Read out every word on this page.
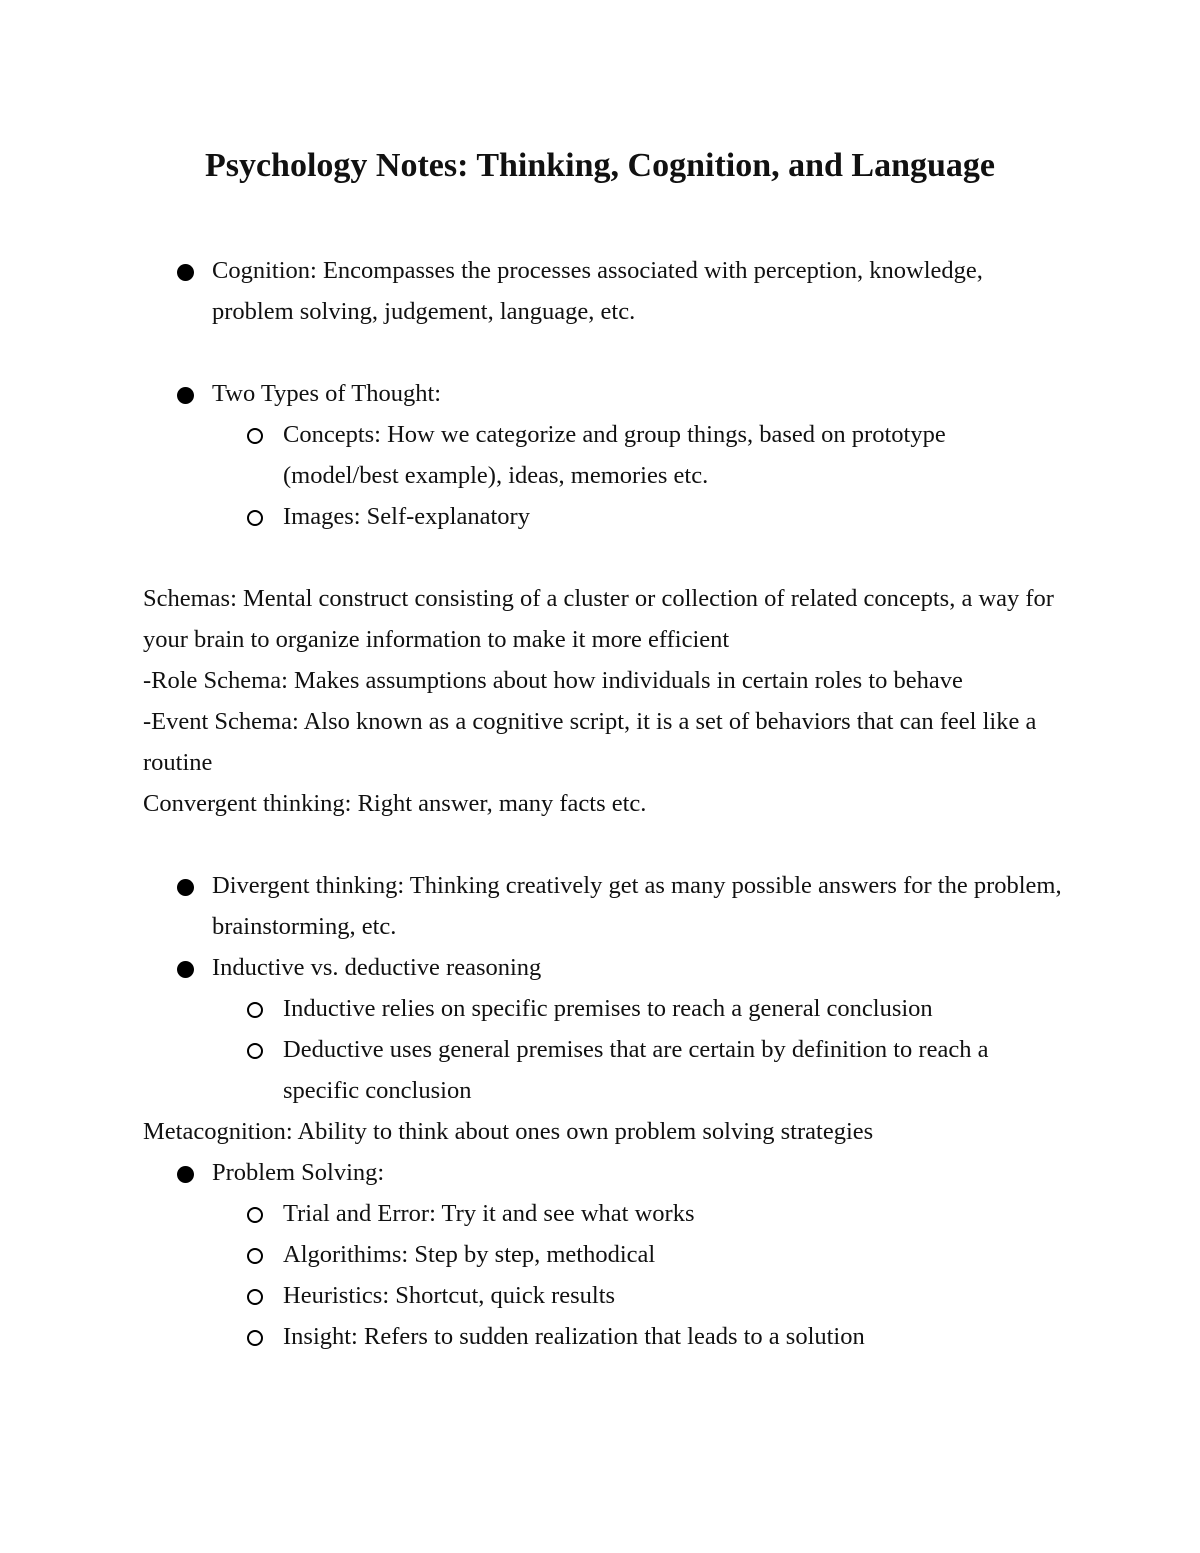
Psychology Notes: Thinking, Cognition, and Language
Cognition: Encompasses the processes associated with perception, knowledge, problem solving, judgement, language, etc.
Two Types of Thought:
Concepts: How we categorize and group things, based on prototype (model/best example), ideas, memories etc.
Images: Self-explanatory

Schemas: Mental construct consisting of a cluster or collection of related concepts, a way for your brain to organize information to make it more efficient

-Role Schema: Makes assumptions about how individuals in certain roles to behave

-Event Schema: Also known as a cognitive script, it is a set of behaviors that can feel like a routine

Convergent thinking: Right answer, many facts etc.

Divergent thinking: Thinking creatively get as many possible answers for the problem, brainstorming, etc.
Inductive vs. deductive reasoning
Inductive relies on specific premises to reach a general conclusion
Deductive uses general premises that are certain by definition to reach a specific conclusion

Metacognition: Ability to think about ones own problem solving strategies

Problem Solving:
Trial and Error: Try it and see what works
Algorithims: Step by step, methodical
Heuristics: Shortcut, quick results
Insight: Refers to sudden realization that leads to a solution
